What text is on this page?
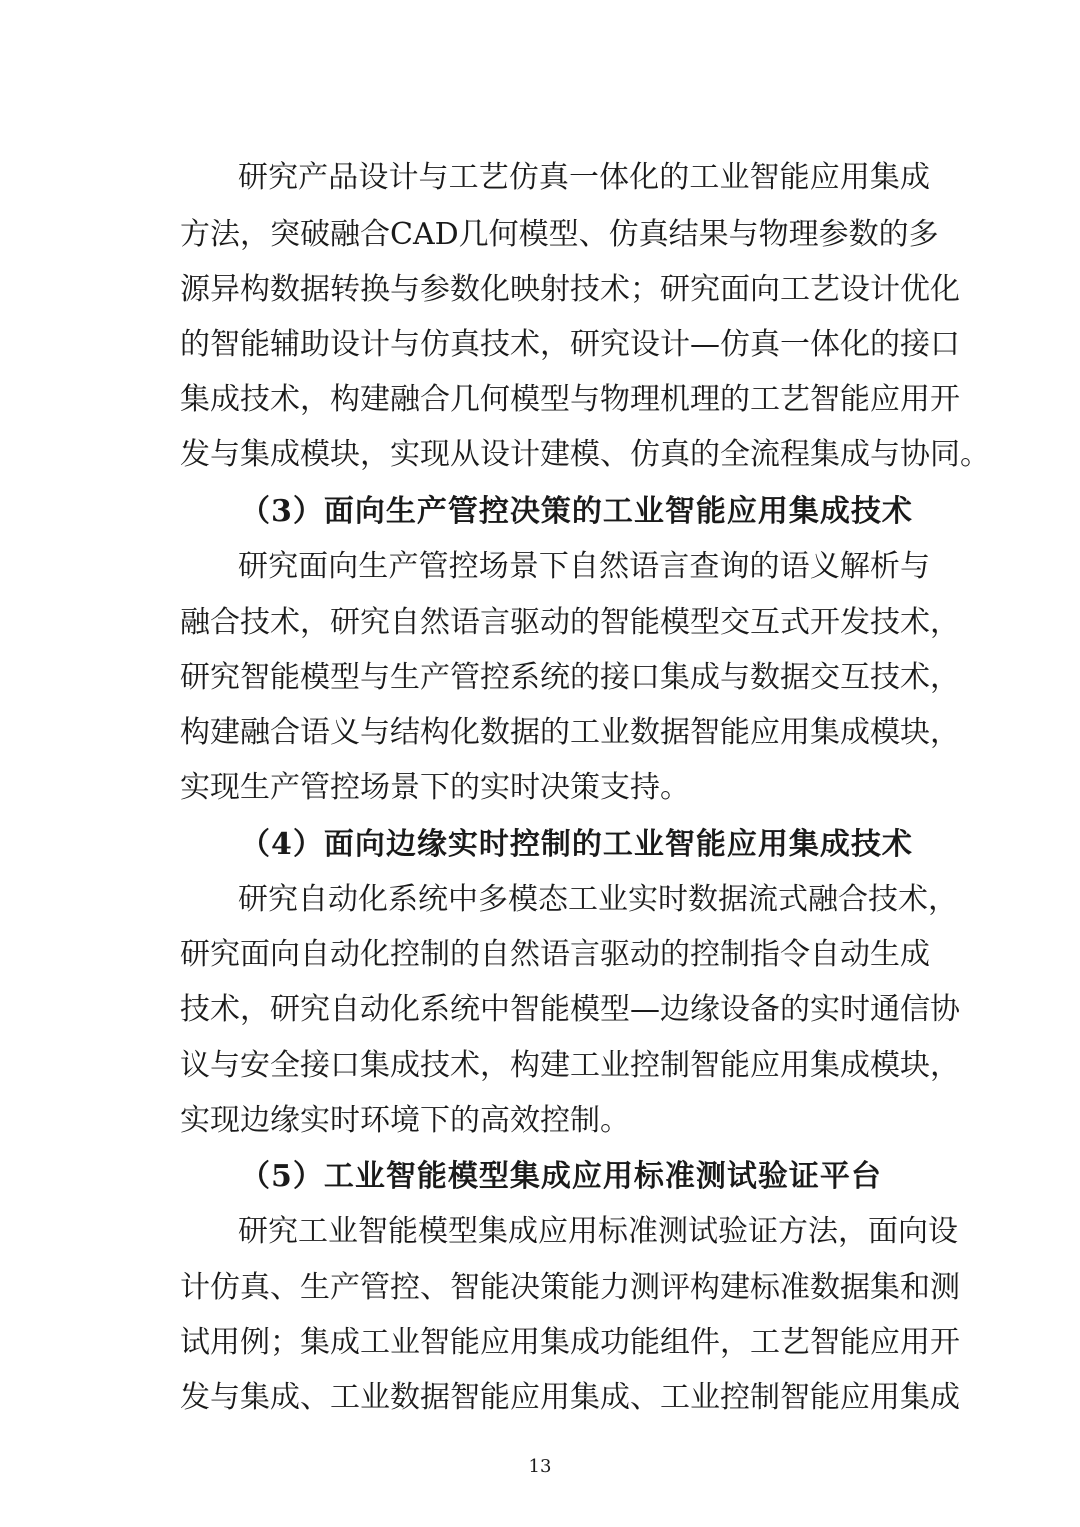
研究产品设计与工艺仿真一体化的工业智能应用集成
方法，突破融合CAD几何模型、仿真结果与物理参数的多
源异构数据转换与参数化映射技术；研究面向工艺设计优化
的智能辅助设计与仿真技术，研究设计—仿真一体化的接口
集成技术，构建融合几何模型与物理机理的工艺智能应用开
发与集成模块，实现从设计建模、仿真的全流程集成与协同。
（3）面向生产管控决策的工业智能应用集成技术
研究面向生产管控场景下自然语言查询的语义解析与
融合技术，研究自然语言驱动的智能模型交互式开发技术，
研究智能模型与生产管控系统的接口集成与数据交互技术，
构建融合语义与结构化数据的工业数据智能应用集成模块，
实现生产管控场景下的实时决策支持。
（4）面向边缘实时控制的工业智能应用集成技术
研究自动化系统中多模态工业实时数据流式融合技术，
研究面向自动化控制的自然语言驱动的控制指令自动生成
技术，研究自动化系统中智能模型—边缘设备的实时通信协
议与安全接口集成技术，构建工业控制智能应用集成模块，
实现边缘实时环境下的高效控制。
（5）工业智能模型集成应用标准测试验证平台
研究工业智能模型集成应用标准测试验证方法，面向设
计仿真、生产管控、智能决策能力测评构建标准数据集和测
试用例；集成工业智能应用集成功能组件，工艺智能应用开
发与集成、工业数据智能应用集成、工业控制智能应用集成
13
